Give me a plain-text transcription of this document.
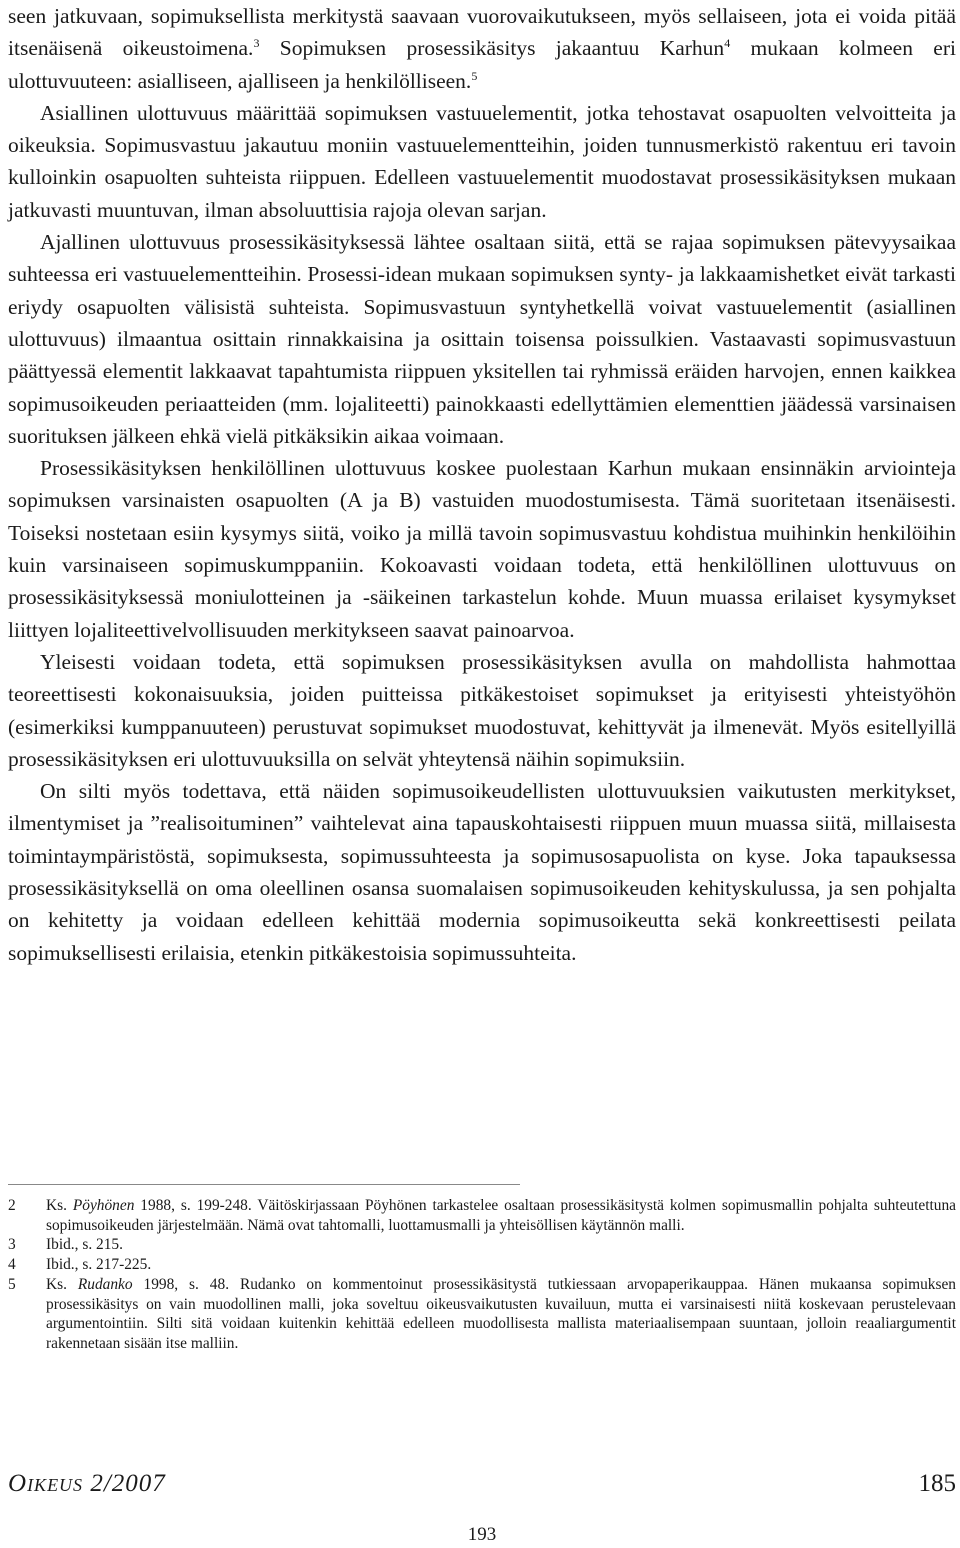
seen jatkuvaan, sopimuksellista merkitystä saavaan vuorovaikutukseen, myös sellaiseen, jota ei voida pitää itsenäisenä oikeustoimena.$^3$ Sopimuksen prosessikäsitys jakaantuu Karhun$^4$ mukaan kolmeen eri ulottuvuuteen: asialliseen, ajalliseen ja henkilölliseen.$^5$

Asiallinen ulottuvuus määrittää sopimuksen vastuuelementit, jotka tehostavat osapuolten velvoitteita ja oikeuksia. Sopimusvastuu jakautuu moniin vastuuelementteihin, joiden tunnusmerkistö rakentuu eri tavoin kulloinkin osapuolten suhteista riippuen. Edelleen vastuuelementit muodostavat prosessikäsityksen mukaan jatkuvasti muuntuvan, ilman absoluuttisia rajoja olevan sarjan.

Ajallinen ulottuvuus prosessikäsityksessä lähtee osaltaan siitä, että se rajaa sopimuksen pätevyysaikaa suhteessa eri vastuuelementteihin. Prosessi-idean mukaan sopimuksen synty- ja lakkaamishetket eivät tarkasti eriydy osapuolten välisistä suhteista. Sopimusvastuun syntyhetkellä voivat vastuuelementit (asiallinen ulottuvuus) ilmaantua osittain rinnakkaisina ja osittain toisensa poissulkien. Vastaavasti sopimusvastuun päättyessä elementit lakkaavat tapahtumista riippuen yksitellen tai ryhmissä eräiden harvojen, ennen kaikkea sopimusoikeuden periaatteiden (mm. lojaliteetti) painokkaasti edellyttämien elementtien jäädessä varsinaisen suorituksen jälkeen ehkä vielä pitkäksikin aikaa voimaan.

Prosessikäsityksen henkilöllinen ulottuvuus koskee puolestaan Karhun mukaan ensinnäkin arviointeja sopimuksen varsinaisten osapuolten (A ja B) vastuiden muodostumisesta. Tämä suoritetaan itsenäisesti. Toiseksi nostetaan esiin kysymys siitä, voiko ja millä tavoin sopimusvastuu kohdistua muihinkin henkilöihin kuin varsinaiseen sopimuskumppaniin. Kokoavasti voidaan todeta, että henkilöllinen ulottuvuus on prosessikäsityksessä moniulotteinen ja -säikeinen tarkastelun kohde. Muun muassa erilaiset kysymykset liittyen lojaliteettivelvollisuuden merkitykseen saavat painoarvoa.

Yleisesti voidaan todeta, että sopimuksen prosessikäsityksen avulla on mahdollista hahmottaa teoreettisesti kokonaisuuksia, joiden puitteissa pitkäkestoiset sopimukset ja erityisesti yhteistyöhön (esimerkiksi kumppanuuteen) perustuvat sopimukset muodostuvat, kehittyvät ja ilmenevät. Myös esitellyillä prosessikäsityksen eri ulottuvuuksilla on selvät yhteytensä näihin sopimuksiin.

On silti myös todettava, että näiden sopimusoikeudellisten ulottuvuuksien vaikutusten merkitykset, ilmentymiset ja ”realisoituminen” vaihtelevat aina tapauskohtaisesti riippuen muun muassa siitä, millaisesta toimintaympäristöstä, sopimuksesta, sopimussuhteesta ja sopimusosapuolista on kyse. Joka tapauksessa prosessikäsityksellä on oma oleellinen osansa suomalaisen sopimusoikeuden kehityskulussa, ja sen pohjalta on kehitetty ja voidaan edelleen kehittää modernia sopimusoikeutta sekä konkreettisesti peilata sopimuksellisesti erilaisia, etenkin pitkäkestoisia sopimussuhteita.

2	Ks. Pöyhönen 1988, s. 199-248. Väitöskirjassaan Pöyhönen tarkastelee osaltaan prosessikäsitystä kolmen sopimusmallin pohjalta suhteutettuna sopimusoikeuden järjestelmään. Nämä ovat tahtomalli, luottamusmalli ja yhteisöllisen käytännön malli.
3	Ibid., s. 215.
4	Ibid., s. 217-225.
5	Ks. Rudanko 1998, s. 48. Rudanko on kommentoinut prosessikäsitystä tutkiessaan arvopaperikauppaa. Hänen mukaansa sopimuksen prosessikäsitys on vain muodollinen malli, joka soveltuu oikeusvaikutusten kuvailuun, mutta ei varsinaisesti niitä koskevaan perustelevaan argumentointiin. Silti sitä voidaan kuitenkin kehittää edelleen muodollisesta mallista materiaalisempaan suuntaan, jolloin reaaliargumentit rakennetaan sisään itse malliin.
OIKEUS 2/2007	185
193
